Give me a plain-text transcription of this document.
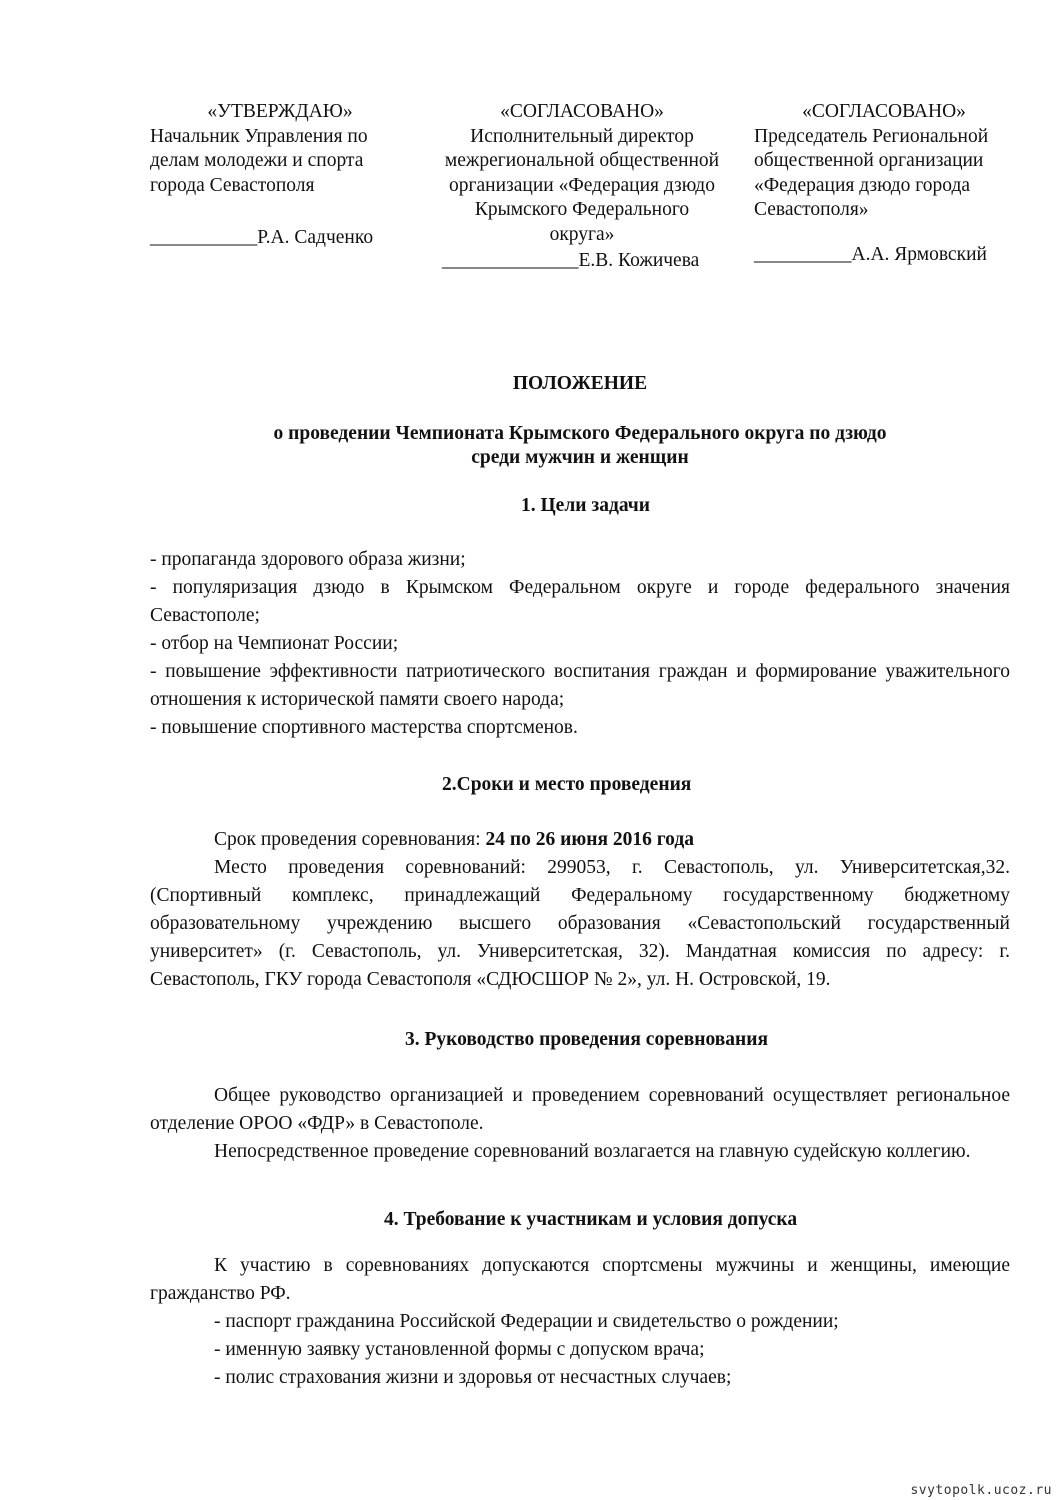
«УТВЕРЖДАЮ»
Начальник Управления по
делам молодежи и спорта
города Севастополя
___________Р.А. Садченко
«СОГЛАСОВАНО»
Исполнительный директор
межрегиональной общественной
организации «Федерация дзюдо
Крымского Федерального
округа»
______________Е.В. Кожичева
«СОГЛАСОВАНО»
Председатель Региональной
общественной организации
«Федерация дзюдо города
Севастополя»
__________А.А. Ярмовский
ПОЛОЖЕНИЕ
о проведении Чемпионата Крымского Федерального округа по дзюдо
среди мужчин и женщин
1. Цели задачи

- пропаганда здорового образа жизни;

- популяризация дзюдо в Крымском Федеральном округе и городе федерального значения Севастополе;

- отбор на Чемпионат России;

- повышение эффективности патриотического воспитания граждан и формирование уважительного отношения к исторической памяти своего народа;

- повышение спортивного мастерства спортсменов.

2.Сроки и место проведения

Срок проведения соревнования: 24 по 26 июня 2016 года

Место проведения соревнований: 299053, г. Севастополь, ул. Университетская,32. (Спортивный комплекс, принадлежащий Федеральному государственному бюджетному образовательному учреждению высшего образования «Севастопольский государственный университет» (г. Севастополь, ул. Университетская, 32). Мандатная комиссия по адресу: г. Севастополь, ГКУ города Севастополя «СДЮСШОР № 2», ул. Н. Островской, 19.

3. Руководство проведения соревнования

Общее руководство организацией и проведением соревнований осуществляет региональное отделение ОРОО «ФДР» в Севастополе.

Непосредственное проведение соревнований возлагается на главную судейскую коллегию.

4. Требование к участникам и условия допуска

К участию в соревнованиях допускаются спортсмены мужчины и женщины, имеющие гражданство РФ.

- паспорт гражданина Российской Федерации и свидетельство о рождении;

- именную заявку установленной формы с допуском врача;

- полис страхования жизни и здоровья от несчастных случаев;

svytopolk.ucoz.ru
